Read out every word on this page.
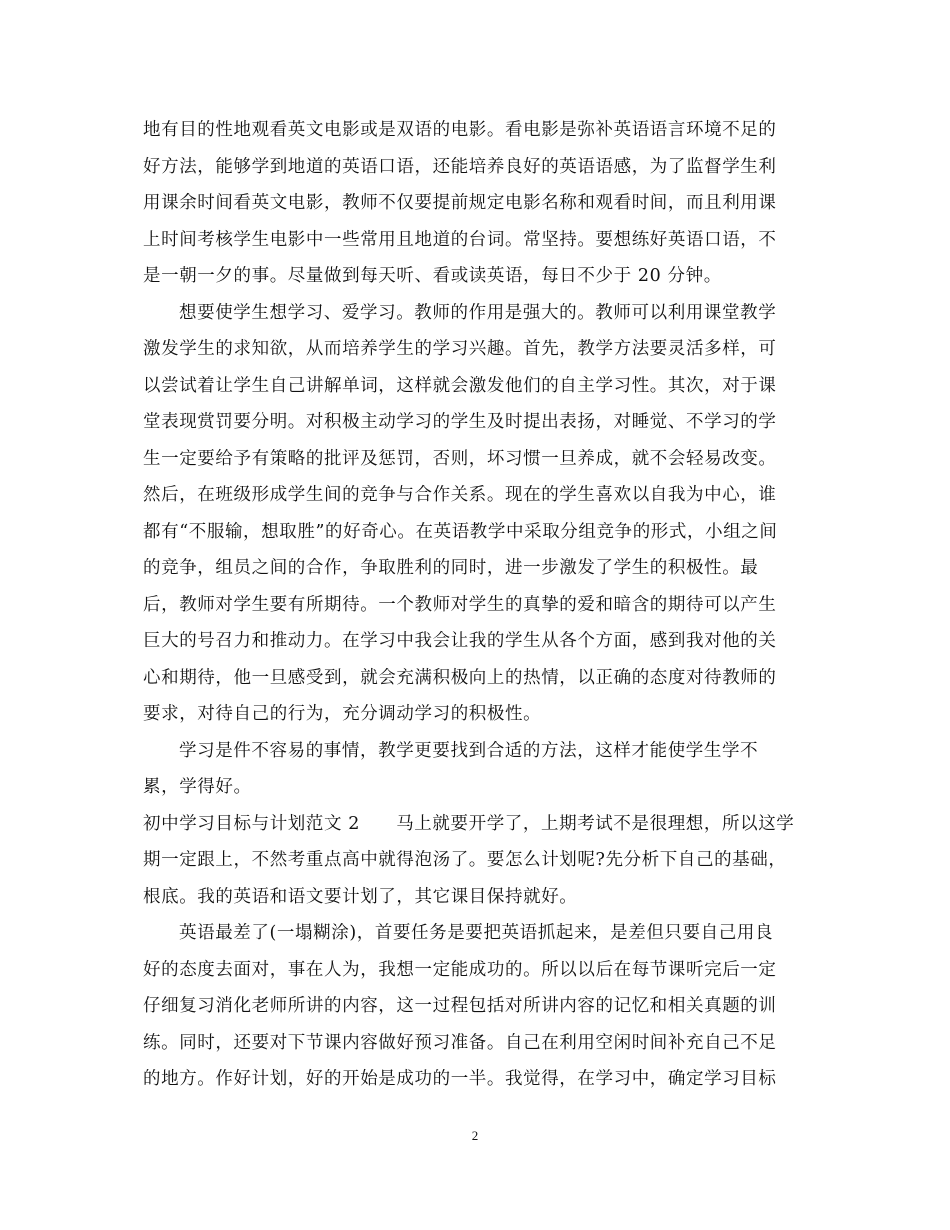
地有目的性地观看英文电影或是双语的电影。看电影是弥补英语语言环境不足的
好方法，能够学到地道的英语口语，还能培养良好的英语语感，为了监督学生利
用课余时间看英文电影，教师不仅要提前规定电影名称和观看时间，而且利用课
上时间考核学生电影中一些常用且地道的台词。常坚持。要想练好英语口语，不
是一朝一夕的事。尽量做到每天听、看或读英语，每日不少于 20 分钟。
想要使学生想学习、爱学习。教师的作用是强大的。教师可以利用课堂教学
激发学生的求知欲，从而培养学生的学习兴趣。首先，教学方法要灵活多样，可
以尝试着让学生自己讲解单词，这样就会激发他们的自主学习性。其次，对于课
堂表现赏罚要分明。对积极主动学习的学生及时提出表扬，对睡觉、不学习的学
生一定要给予有策略的批评及惩罚，否则，坏习惯一旦养成，就不会轻易改变。
然后，在班级形成学生间的竞争与合作关系。现在的学生喜欢以自我为中心，谁
都有“不服输，想取胜”的好奇心。在英语教学中采取分组竞争的形式，小组之间
的竞争，组员之间的合作，争取胜利的同时，进一步激发了学生的积极性。最
后，教师对学生要有所期待。一个教师对学生的真挚的爱和暗含的期待可以产生
巨大的号召力和推动力。在学习中我会让我的学生从各个方面，感到我对他的关
心和期待，他一旦感受到，就会充满积极向上的热情，以正确的态度对待教师的
要求，对待自己的行为，充分调动学习的积极性。
学习是件不容易的事情，教学更要找到合适的方法，这样才能使学生学不
累，学得好。
初中学习目标与计划范文 2　　马上就要开学了，上期考试不是很理想，所以这学
期一定跟上，不然考重点高中就得泡汤了。要怎么计划呢?先分析下自己的基础，
根底。我的英语和语文要计划了，其它课目保持就好。
英语最差了(一塌糊涂)，首要任务是要把英语抓起来，是差但只要自己用良
好的态度去面对，事在人为，我想一定能成功的。所以以后在每节课听完后一定
仔细复习消化老师所讲的内容，这一过程包括对所讲内容的记忆和相关真题的训
练。同时，还要对下节课内容做好预习准备。自己在利用空闲时间补充自己不足
的地方。作好计划，好的开始是成功的一半。我觉得，在学习中，确定学习目标
2
